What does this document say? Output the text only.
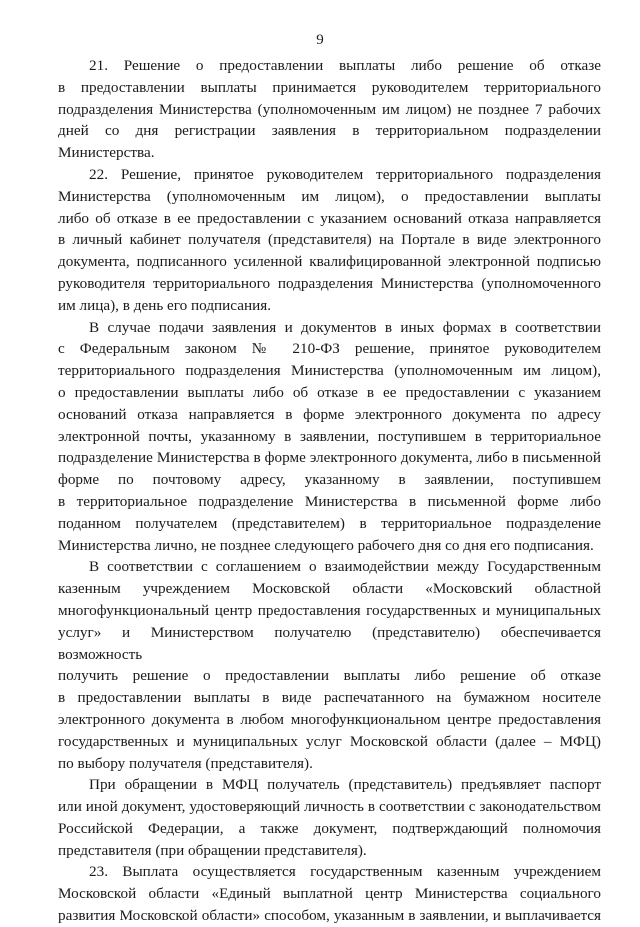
9
21. Решение о предоставлении выплаты либо решение об отказе
в предоставлении выплаты принимается руководителем территориального
подразделения Министерства (уполномоченным им лицом) не позднее 7 рабочих
дней со дня регистрации заявления в территориальном подразделении
Министерства.
22. Решение, принятое руководителем территориального подразделения
Министерства (уполномоченным им лицом), о предоставлении выплаты
либо об отказе в ее предоставлении с указанием оснований отказа направляется
в личный кабинет получателя (представителя) на Портале в виде электронного
документа, подписанного усиленной квалифицированной электронной подписью
руководителя территориального подразделения Министерства (уполномоченного
им лица), в день его подписания.
В случае подачи заявления и документов в иных формах в соответствии
с Федеральным законом № 210-ФЗ решение, принятое руководителем
территориального подразделения Министерства (уполномоченным им лицом),
о предоставлении выплаты либо об отказе в ее предоставлении с указанием
оснований отказа направляется в форме электронного документа по адресу
электронной почты, указанному в заявлении, поступившем в территориальное
подразделение Министерства в форме электронного документа, либо в письменной
форме по почтовому адресу, указанному в заявлении, поступившем
в территориальное подразделение Министерства в письменной форме либо
поданном получателем (представителем) в территориальное подразделение
Министерства лично, не позднее следующего рабочего дня со дня его подписания.
В соответствии с соглашением о взаимодействии между Государственным
казенным учреждением Московской области «Московский областной
многофункциональный центр предоставления государственных и муниципальных
услуг» и Министерством получателю (представителю) обеспечивается возможность
получить решение о предоставлении выплаты либо решение об отказе
в предоставлении выплаты в виде распечатанного на бумажном носителе
электронного документа в любом многофункциональном центре предоставления
государственных и муниципальных услуг Московской области (далее – МФЦ)
по выбору получателя (представителя).
При обращении в МФЦ получатель (представитель) предъявляет паспорт
или иной документ, удостоверяющий личность в соответствии с законодательством
Российской Федерации, а также документ, подтверждающий полномочия
представителя (при обращении представителя).
23. Выплата осуществляется государственным казенным учреждением
Московской области «Единый выплатной центр Министерства социального
развития Московской области» способом, указанным в заявлении, и выплачивается
